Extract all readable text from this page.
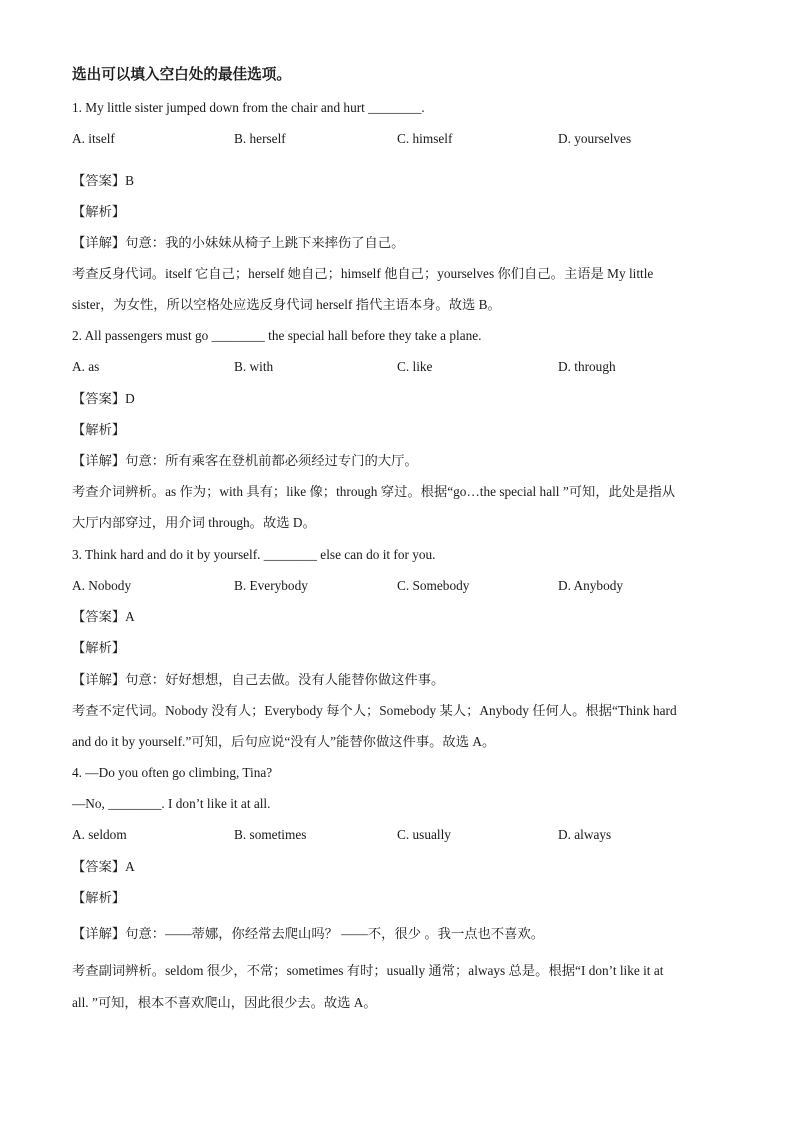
选出可以填入空白处的最佳选项。
1. My little sister jumped down from the chair and hurt ________.
A. itself	B. herself	C. himself	D. yourselves
【答案】B
【解析】
【详解】句意：我的小妹妹从椅子上跳下来摔伤了自己。
考查反身代词。itself 它自己；herself 她自己；himself 他自己；yourselves 你们自己。主语是 My little
sister，为女性，所以空格处应选反身代词 herself 指代主语本身。故选 B。
2. All passengers must go ________ the special hall before they take a plane.
A. as	B. with	C. like	D. through
【答案】D
【解析】
【详解】句意：所有乘客在登机前都必须经过专门的大厅。
考查介词辨析。as 作为；with 具有；like 像；through 穿过。根据“go…the special hall ”可知，此处是指从
大厅内部穿过，用介词 through。故选 D。
3. Think hard and do it by yourself. ________ else can do it for you.
A. Nobody	B. Everybody	C. Somebody	D. Anybody
【答案】A
【解析】
【详解】句意：好好想想，自己去做。没有人能替你做这件事。
考查不定代词。Nobody 没有人；Everybody 每个人；Somebody 某人；Anybody 任何人。根据“Think hard
and do it by yourself.”可知，后句应说“没有人”能替你做这件事。故选 A。
4. —Do you often go climbing, Tina?
—No, ________. I don’t like it at all.
A. seldom	B. sometimes	C. usually	D. always
【答案】A
【解析】
【详解】句意：——蒂娜，你经常去爬山吗？ ——不，很少 。我一点也不喜欢。
考查副词辨析。seldom 很少，不常；sometimes 有时；usually 通常；always 总是。根据“I don’t like it at
all. ”可知，根本不喜欢爬山，因此很少去。故选 A。
